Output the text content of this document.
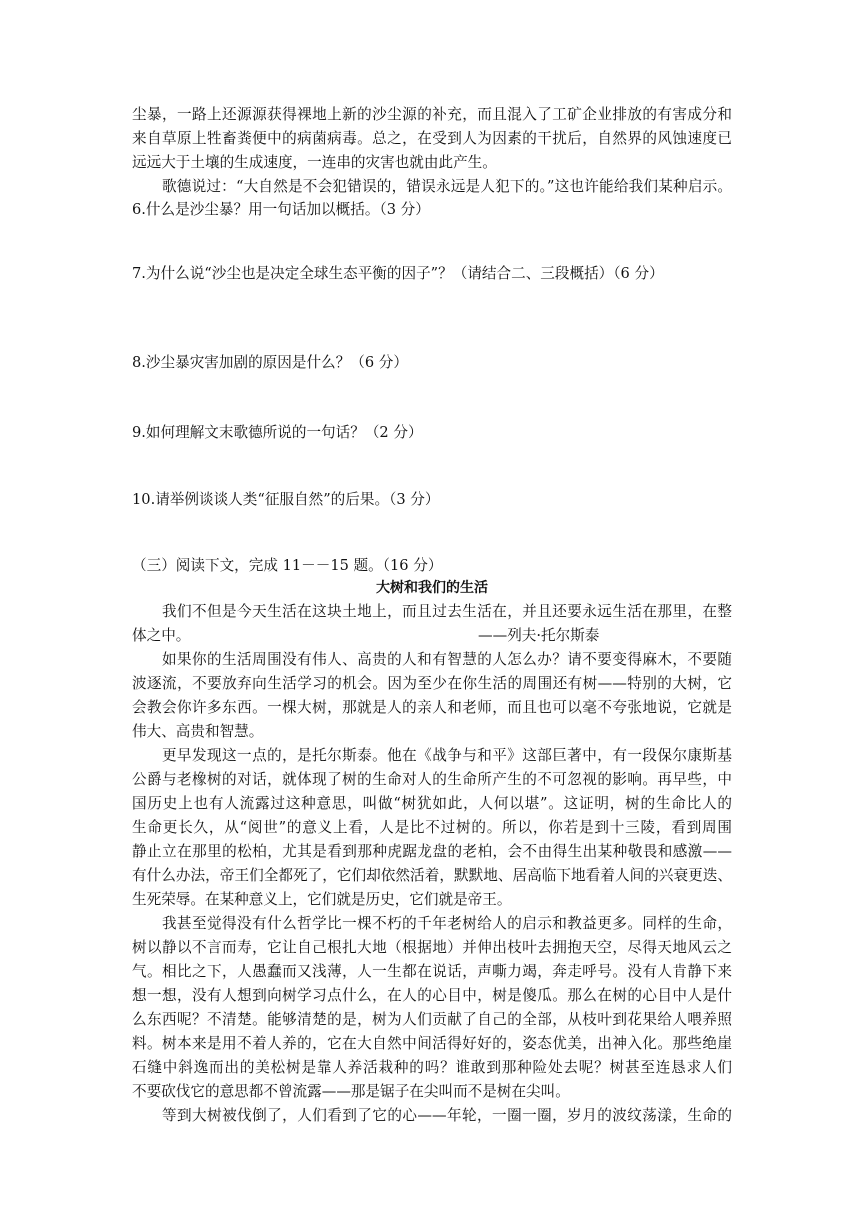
尘暴，一路上还源源获得裸地上新的沙尘源的补充，而且混入了工矿企业排放的有害成分和
来自草原上牲畜粪便中的病菌病毒。总之，在受到人为因素的干扰后，自然界的风蚀速度已
远远大于土壤的生成速度，一连串的灾害也就由此产生。
歌德说过：“大自然是不会犯错误的，错误永远是人犯下的。”这也许能给我们某种启示。
6.什么是沙尘暴？用一句话加以概括。（3 分）
7.为什么说“沙尘也是决定全球生态平衡的因子”？（请结合二、三段概括）（6 分）
8.沙尘暴灾害加剧的原因是什么？（6 分）
9.如何理解文末歌德所说的一句话？（2 分）
10.请举例谈谈人类“征服自然”的后果。（3 分）
（三）阅读下文，完成 11－－15 题。（16 分）
大树和我们的生活
我们不但是今天生活在这块土地上，而且过去生活在，并且还要永远生活在那里，在整
体之中。	——列夫·托尔斯泰
如果你的生活周围没有伟人、高贵的人和有智慧的人怎么办？请不要变得麻木，不要随
波逐流，不要放弃向生活学习的机会。因为至少在你生活的周围还有树——特别的大树，它
会教会你许多东西。一棵大树，那就是人的亲人和老师，而且也可以毫不夸张地说，它就是
伟大、高贵和智慧。
更早发现这一点的，是托尔斯泰。他在《战争与和平》这部巨著中，有一段保尔康斯基
公爵与老橡树的对话，就体现了树的生命对人的生命所产生的不可忽视的影响。再早些，中
国历史上也有人流露过这种意思，叫做“树犹如此，人何以堪”。这证明，树的生命比人的
生命更长久，从“阅世”的意义上看，人是比不过树的。所以，你若是到十三陵，看到周围
静止立在那里的松柏，尤其是看到那种虎踞龙盘的老柏，会不由得生出某种敬畏和感激——
有什么办法，帝王们全都死了，它们却依然活着，默默地、居高临下地看着人间的兴衰更迭、
生死荣辱。在某种意义上，它们就是历史，它们就是帝王。
我甚至觉得没有什么哲学比一棵不朽的千年老树给人的启示和教益更多。同样的生命，
树以静以不言而寿，它让自己根扎大地（根据地）并伸出枝叶去拥抱天空，尽得天地风云之
气。相比之下，人愚蠢而又浅薄，人一生都在说话，声嘶力竭，奔走呼号。没有人肯静下来
想一想，没有人想到向树学习点什么，在人的心目中，树是傻瓜。那么在树的心目中人是什
么东西呢？不清楚。能够清楚的是，树为人们贡献了自己的全部，从枝叶到花果给人喂养照
料。树本来是用不着人养的，它在大自然中间活得好好的，姿态优美，出神入化。那些绝崖
石缝中斜逸而出的美松树是靠人养活栽种的吗？谁敢到那种险处去呢？树甚至连恳求人们
不要砍伐它的意思都不曾流露——那是锯子在尖叫而不是树在尖叫。
等到大树被伐倒了，人们看到了它的心——年轮，一圈一圈，岁月的波纹荡漾，生命的
